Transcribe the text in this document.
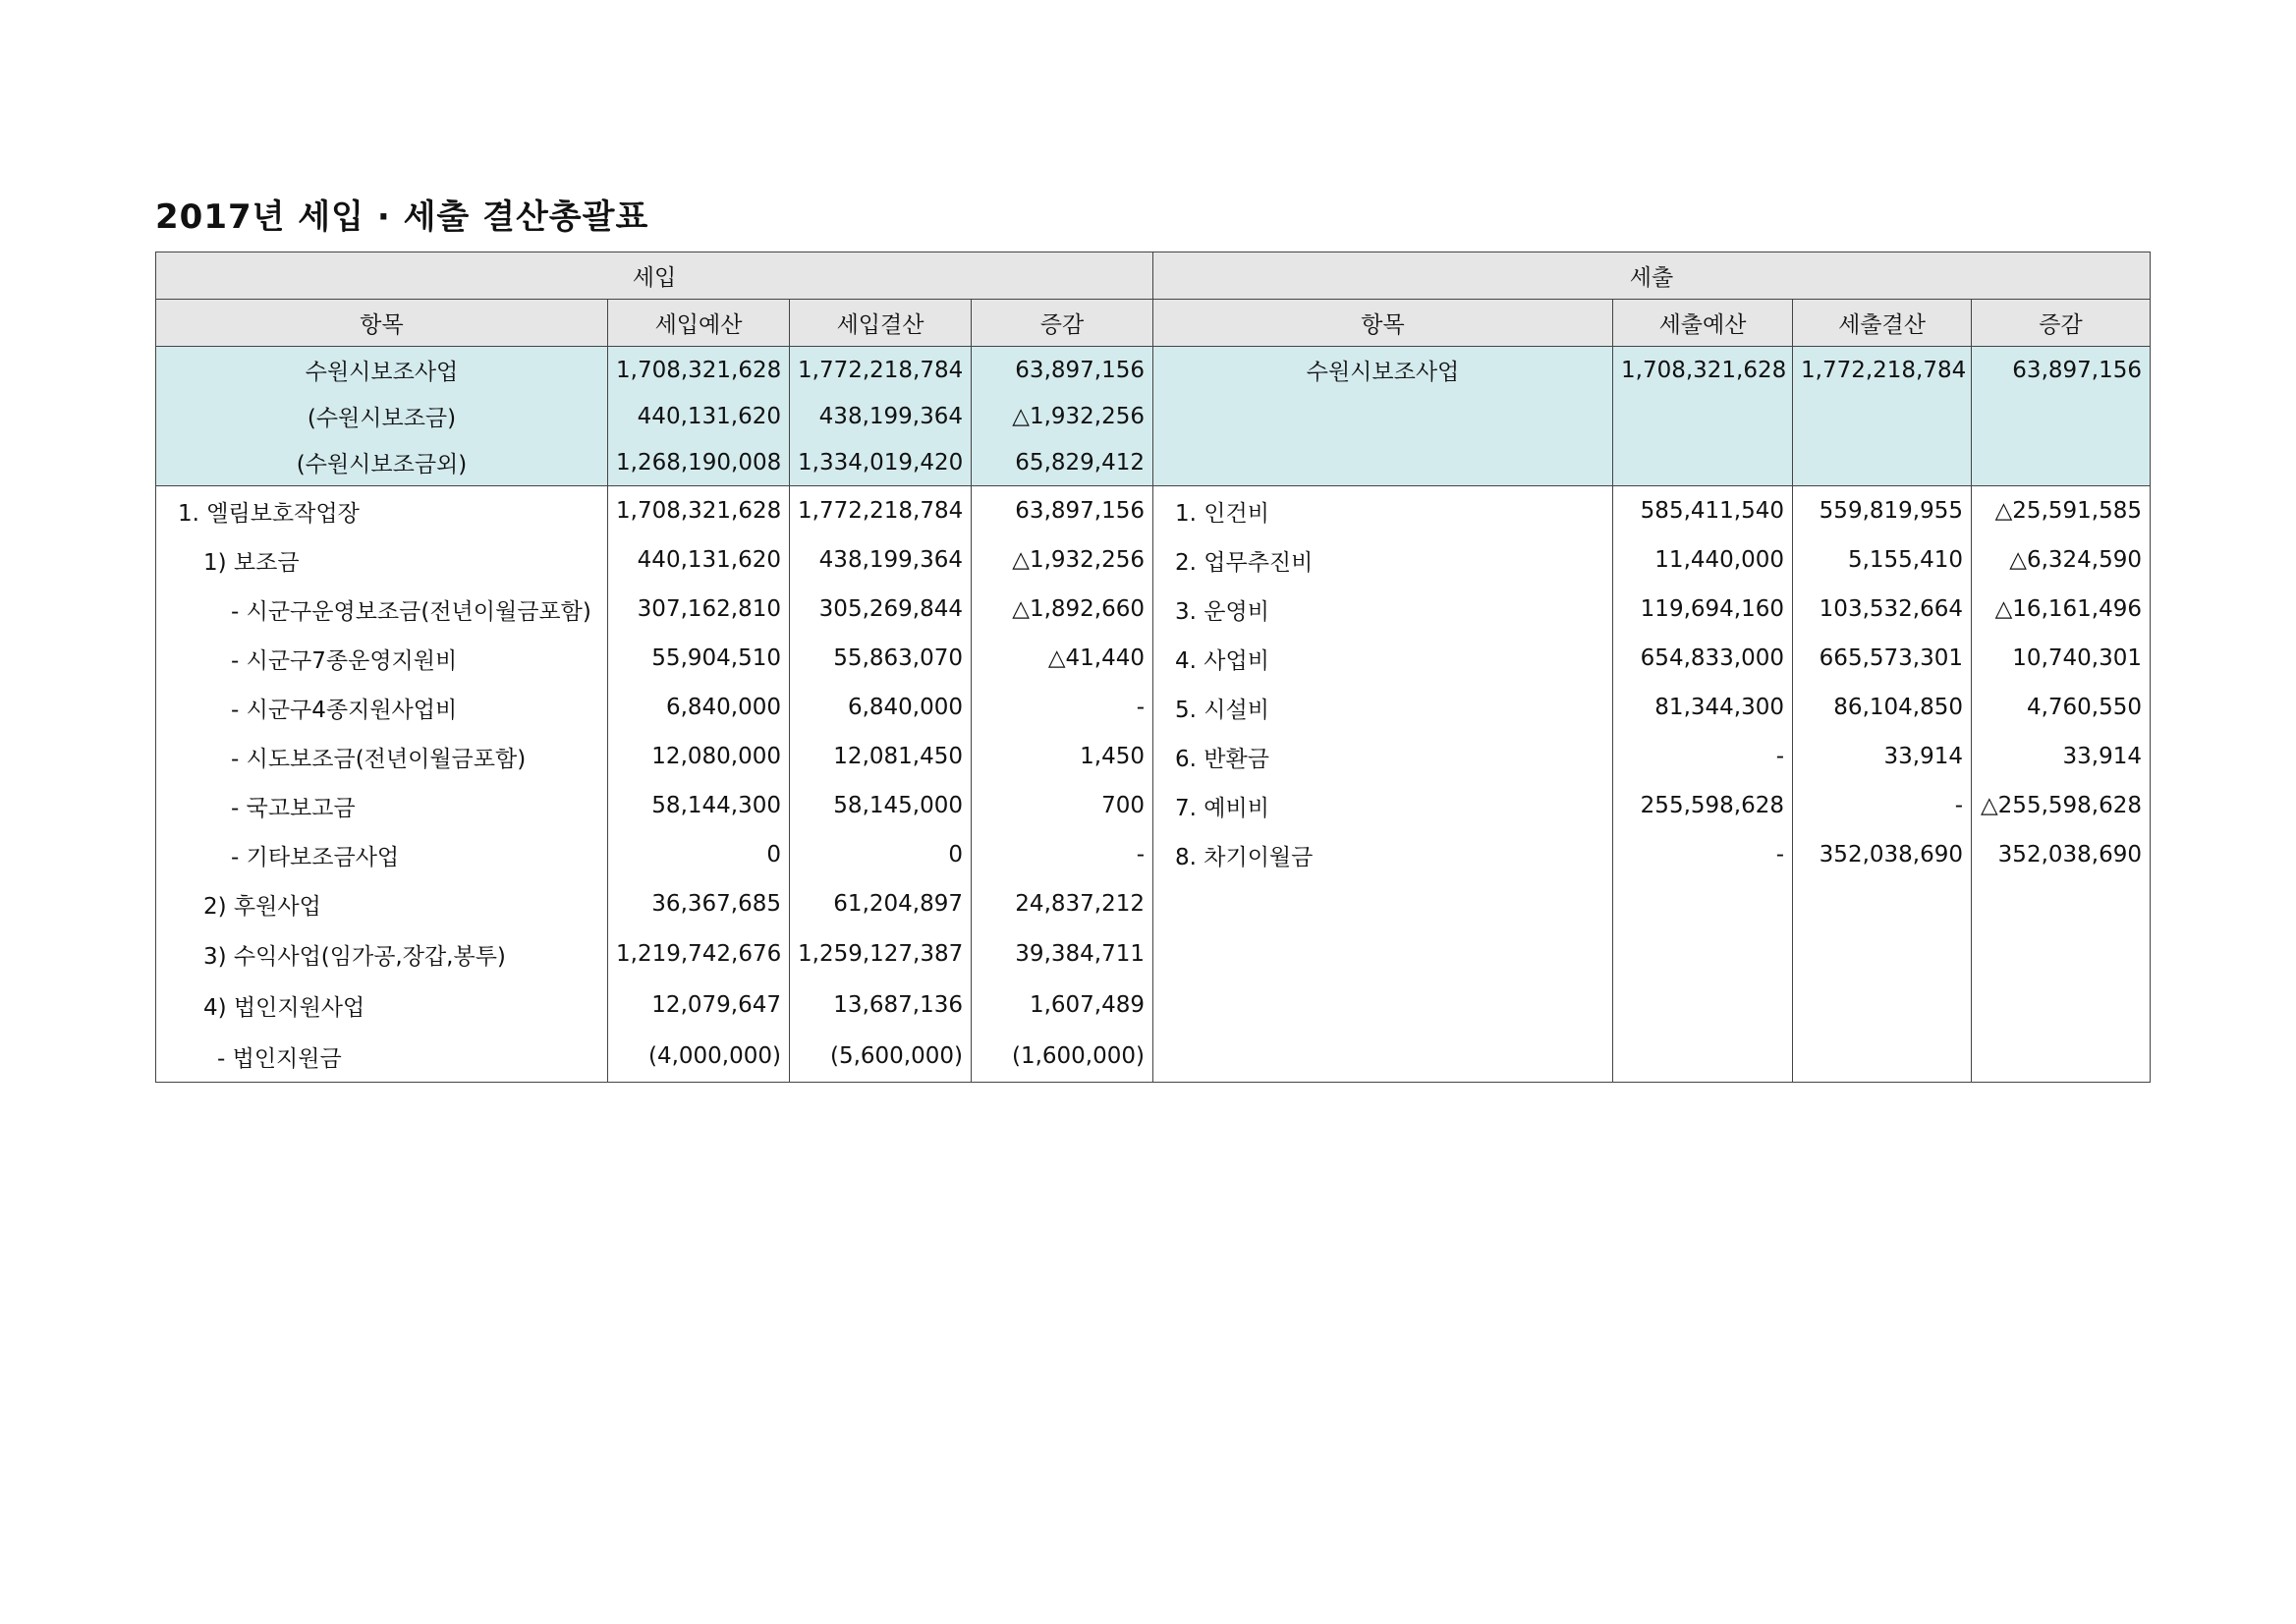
2017년 세입 · 세출 결산총괄표
세입				세출			
항목	세입예산	세입결산	증감	항목	세출예산	세출결산	증감
수원시보조사업	1,708,321,628	1,772,218,784	63,897,156	수원시보조사업	1,708,321,628	1,772,218,784	63,897,156
(수원시보조금)	440,131,620	438,199,364	△1,932,256				
(수원시보조금외)	1,268,190,008	1,334,019,420	65,829,412				
1. 엘림보호작업장	1,708,321,628	1,772,218,784	63,897,156	1. 인건비	585,411,540	559,819,955	△25,591,585
1) 보조금	440,131,620	438,199,364	△1,932,256	2. 업무추진비	11,440,000	5,155,410	△6,324,590
- 시군구운영보조금(전년이월금포함)	307,162,810	305,269,844	△1,892,660	3. 운영비	119,694,160	103,532,664	△16,161,496
- 시군구7종운영지원비	55,904,510	55,863,070	△41,440	4. 사업비	654,833,000	665,573,301	10,740,301
- 시군구4종지원사업비	6,840,000	6,840,000	-	5. 시설비	81,344,300	86,104,850	4,760,550
- 시도보조금(전년이월금포함)	12,080,000	12,081,450	1,450	6. 반환금	-	33,914	33,914
- 국고보고금	58,144,300	58,145,000	700	7. 예비비	255,598,628	-	△255,598,628
- 기타보조금사업	0	0	-	8. 차기이월금	-	352,038,690	352,038,690
2) 후원사업	36,367,685	61,204,897	24,837,212				
3) 수익사업(임가공,장갑,봉투)	1,219,742,676	1,259,127,387	39,384,711				
4) 법인지원사업	12,079,647	13,687,136	1,607,489				
- 법인지원금	(4,000,000)	(5,600,000)	(1,600,000)				
